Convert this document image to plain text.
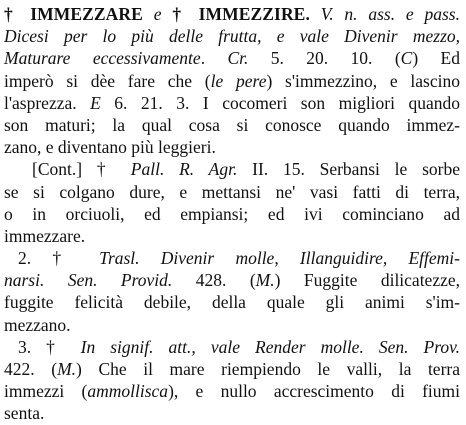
† IMMEZZARE e † IMMEZZIRE. V. n. ass. e pass.
Dicesi per lo più delle frutta, e vale Divenir mezzo,
Maturare eccessivamente. Cr. 5. 20. 10. (C) Ed
imperò si dèe fare che (le pere) s'immezzino, e lascino
l'asprezza. E 6. 21. 3. I cocomeri son migliori quando
son maturi; la qual cosa si conosce quando immez-
zano, e diventano più leggieri.
[Cont.] † Pall. R. Agr. II. 15. Serbansi le sorbe
se si colgano dure, e mettansi ne' vasi fatti di terra,
o in orciuoli, ed empiansi; ed ivi cominciano ad
immezzare.
2. † Trasl. Divenir molle, Illanguidire, Effemi-
narsi. Sen. Provid. 428. (M.) Fuggite dilicatezze,
fuggite felicità debile, della quale gli animi s'im-
mezzano.
3. † In signif. att., vale Render molle. Sen. Prov.
422. (M.) Che il mare riempiendo le valli, la terra
immezzi (ammollisca), e nullo accrescimento di fiumi
senta.
